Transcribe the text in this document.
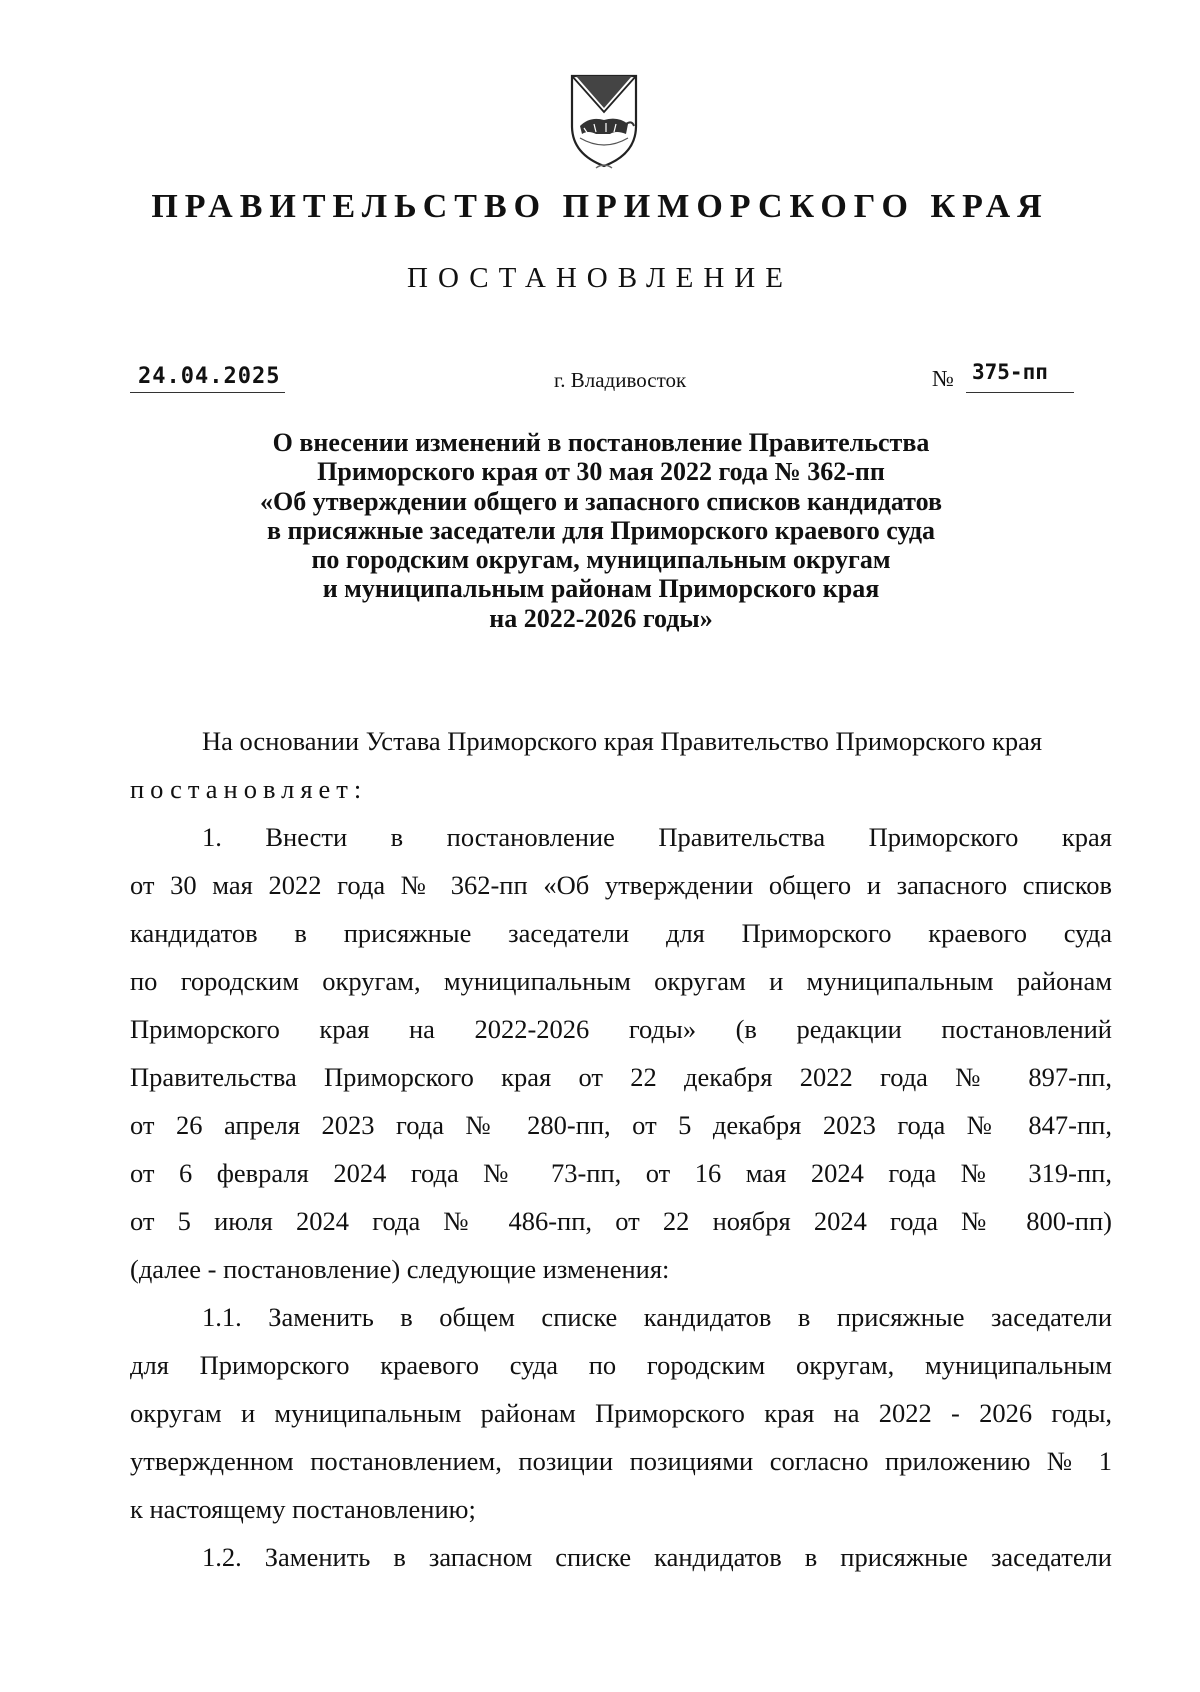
ПРАВИТЕЛЬСТВО ПРИМОРСКОГО КРАЯ
ПОСТАНОВЛЕНИЕ
24.04.2025	г. Владивосток	№ 375-пп
О внесении изменений в постановление Правительства
Приморского края от 30 мая 2022 года № 362-пп
«Об утверждении общего и запасного списков кандидатов
в присяжные заседатели для Приморского краевого суда
по городским округам, муниципальным округам
и муниципальным районам Приморского края
на 2022-2026 годы»
На основании Устава Приморского края Правительство Приморского края
постановляет:
1. Внести в постановление Правительства Приморского края
от 30 мая 2022 года № 362-пп «Об утверждении общего и запасного списков
кандидатов в присяжные заседатели для Приморского краевого суда
по городским округам, муниципальным округам и муниципальным районам
Приморского края на 2022-2026 годы» (в редакции постановлений
Правительства Приморского края от 22 декабря 2022 года № 897-пп,
от 26 апреля 2023 года № 280-пп, от 5 декабря 2023 года № 847-пп,
от 6 февраля 2024 года № 73-пп, от 16 мая 2024 года № 319-пп,
от 5 июля 2024 года № 486-пп, от 22 ноября 2024 года № 800-пп)
(далее - постановление) следующие изменения:
1.1. Заменить в общем списке кандидатов в присяжные заседатели
для Приморского краевого суда по городским округам, муниципальным
округам и муниципальным районам Приморского края на 2022 - 2026 годы,
утвержденном постановлением, позиции позициями согласно приложению № 1
к настоящему постановлению;
1.2. Заменить в запасном списке кандидатов в присяжные заседатели
